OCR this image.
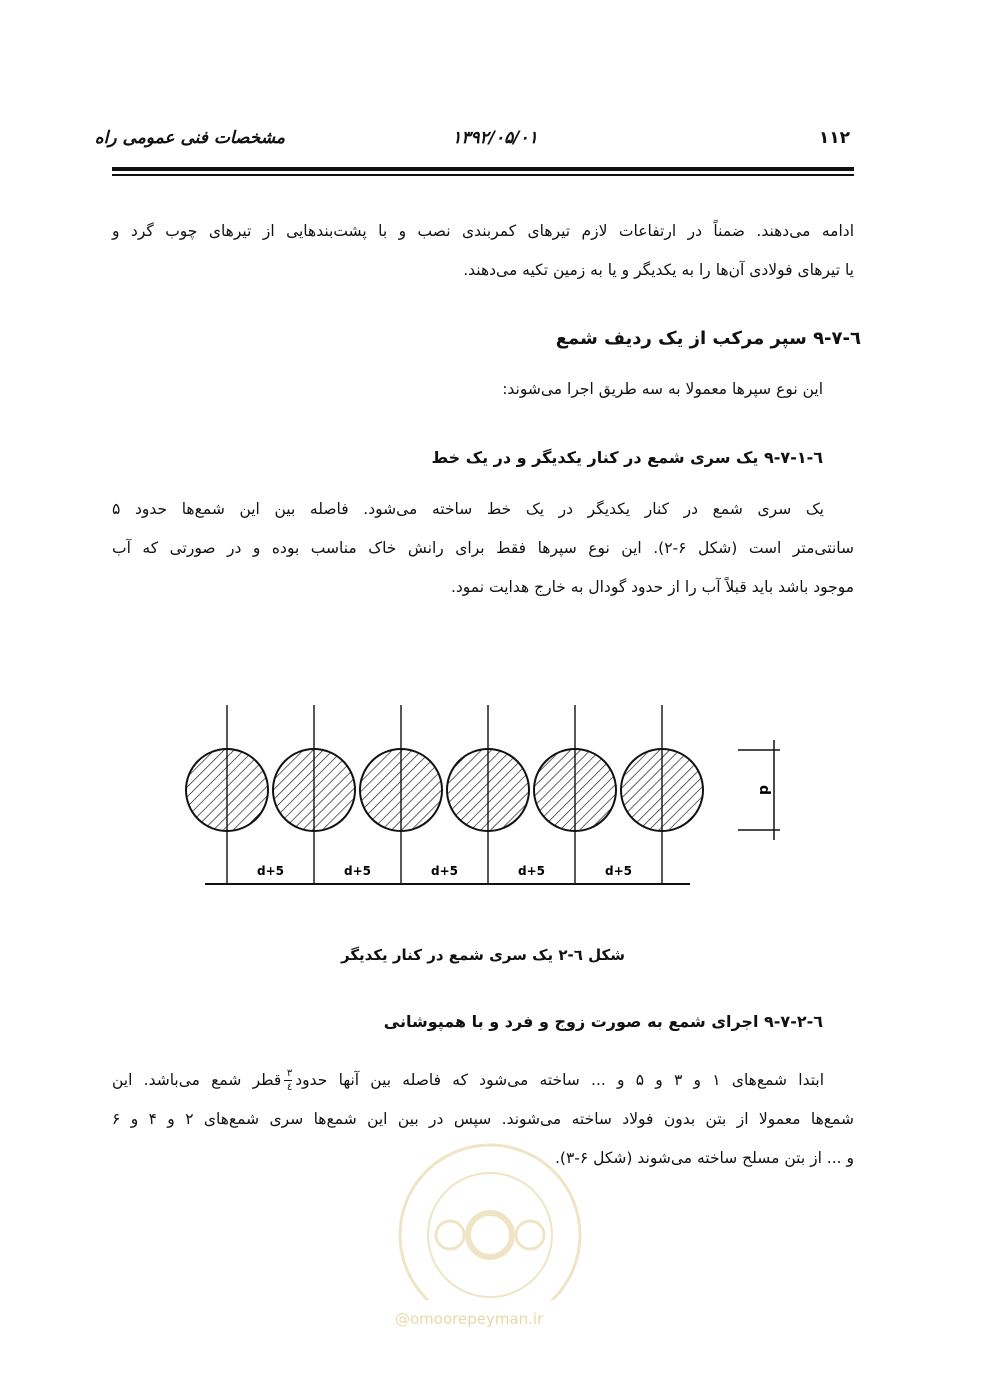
مشخصات فنی عمومی راه	۱۳۹۲/۰۵/۰۱	۱۱۲

ادامه می‌دهند. ضمناً در ارتفاعات لازم تیرهای کمربندی نصب و با پشت‌بندهایی از تیرهای چوب گرد و

یا تیرهای فولادی آن‌ها را به یکدیگر و یا به زمین تکیه می‌دهند.

٦-۹-۷ سپر مرکب از یک ردیف شمع
این نوع سپرها معمولا به سه طریق اجرا می‌شوند:
٦-۹-۷-۱ یک سری شمع در کنار یکدیگر و در یک خط

یک سری شمع در کنار یکدیگر در یک خط ساخته می‌شود. فاصله بین این شمع‌ها حدود ۵

سانتی‌متر است (شکل ۶-۲). این نوع سپرها فقط برای رانش خاک مناسب بوده و در صورتی که آب

موجود باشد باید قبلاً آب را از حدود گودال به خارج هدایت نمود.

d+5	d+5	d+5	d+5	d+5
d
شکل ٦-۲ یک سری شمع در کنار یکدیگر
٦-۹-۷-۲ اجرای شمع به صورت زوج و فرد و با همپوشانی

ابتدا شمع‌های ۱ و ۳ و ۵ و ... ساخته می‌شود که فاصله بین آنها حدود
$\frac{۳}{٤}$
قطر شمع می‌باشد. این

شمع‌ها معمولا از بتن بدون فولاد ساخته می‌شوند. سپس در بین این شمع‌ها سری شمع‌های ۲ و ۴ و ۶

و ... از بتن مسلح ساخته می‌شوند (شکل ۶-۳).

@omoorepeyman.ir
